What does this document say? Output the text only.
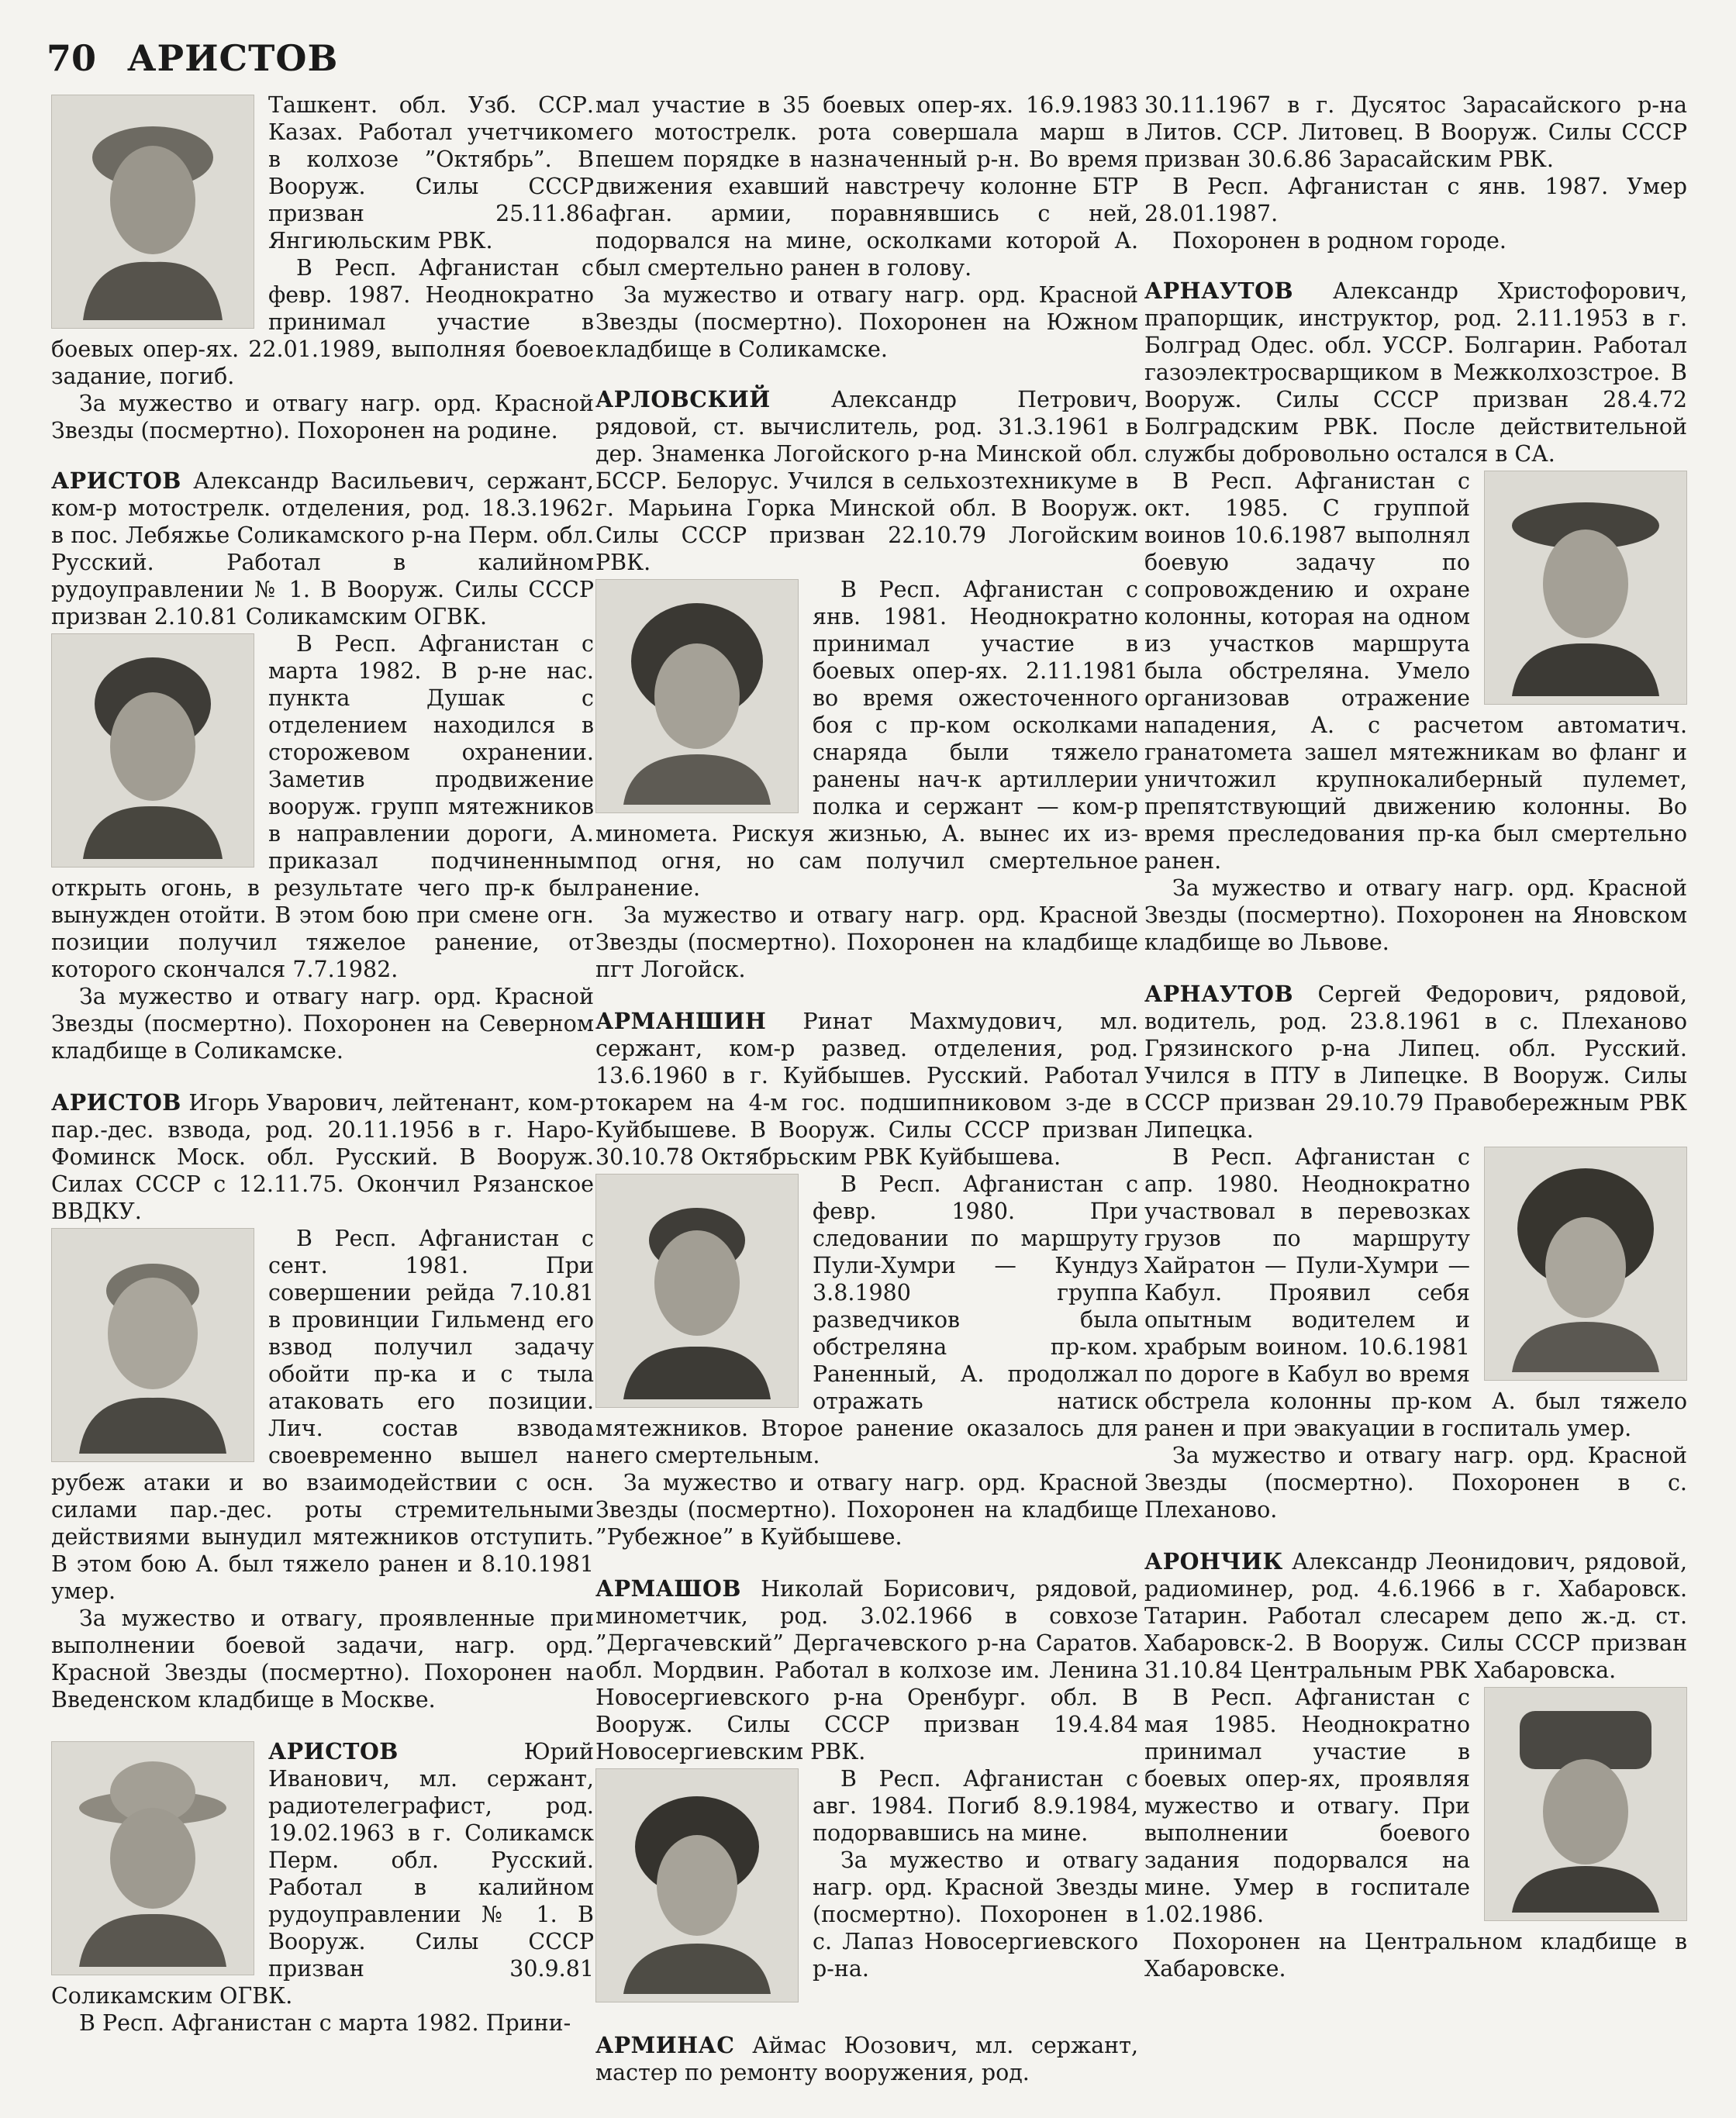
70 АРИСТОВ

Ташкент. обл. Узб. ССР. Казах. Работал учетчиком в колхозе ”Октябрь”. В Вооруж. Силы СССР призван 25.11.86 Янгиюльским РВК.

В Респ. Афганистан с февр. 1987. Неоднократно принимал участие в боевых опер-ях. 22.01.1989, выполняя боевое задание, погиб.

За мужество и отвагу нагр. орд. Красной Звезды (посмертно). Похоронен на родине.

АРИСТОВ Александр Васильевич, сержант, ком-р мотострелк. отделения, род. 18.3.1962 в пос. Лебяжье Соликамского р-на Перм. обл. Русский. Работал в калийном рудоуправлении № 1. В Вооруж. Силы СССР призван 2.10.81 Соликамским ОГВК.

В Респ. Афганистан с марта 1982. В р-не нас. пункта Душак с отделением находился в сторожевом охранении. Заметив продвижение вооруж. групп мятежников в направлении дороги, А. приказал подчиненным открыть огонь, в результате чего пр-к был вынужден отойти. В этом бою при смене огн. позиции получил тяжелое ранение, от которого скончался 7.7.1982.

За мужество и отвагу нагр. орд. Красной Звезды (посмертно). Похоронен на Северном кладбище в Соликамске.

АРИСТОВ Игорь Уварович, лейтенант, ком-р пар.-дес. взвода, род. 20.11.1956 в г. Наро-Фоминск Моск. обл. Русский. В Вооруж. Силах СССР с 12.11.75. Окончил Рязанское ВВДКУ.

В Респ. Афганистан с сент. 1981. При совершении рейда 7.10.81 в провинции Гильменд его взвод получил задачу обойти пр-ка и с тыла атаковать его позиции. Лич. состав взвода своевременно вышел на рубеж атаки и во взаимодействии с осн. силами пар.-дес. роты стремительными действиями вынудил мятежников отступить. В этом бою А. был тяжело ранен и 8.10.1981 умер.

За мужество и отвагу, проявленные при выполнении боевой задачи, нагр. орд. Красной Звезды (посмертно). Похоронен на Введенском кладбище в Москве.

АРИСТОВ Юрий Иванович, мл. сержант, радиотелеграфист, род. 19.02.1963 в г. Соликамск Перм. обл. Русский. Работал в калийном рудоуправлении № 1. В Вооруж. Силы СССР призван 30.9.81 Соликамским ОГВК.

В Респ. Афганистан с марта 1982. Прини-

мал участие в 35 боевых опер-ях. 16.9.1983 его мотострелк. рота совершала марш в пешем порядке в назначенный р-н. Во время движения ехавший навстречу колонне БТР афган. армии, поравнявшись с ней, подорвался на мине, осколками которой А. был смертельно ранен в голову.

За мужество и отвагу нагр. орд. Красной Звезды (посмертно). Похоронен на Южном кладбище в Соликамске.

АРЛОВСКИЙ Александр Петрович, рядовой, ст. вычислитель, род. 31.3.1961 в дер. Знаменка Логойского р-на Минской обл. БССР. Белорус. Учился в сельхозтехникуме в г. Марьина Горка Минской обл. В Вооруж. Силы СССР призван 22.10.79 Логойским РВК.

В Респ. Афганистан с янв. 1981. Неоднократно принимал участие в боевых опер-ях. 2.11.1981 во время ожесточенного боя с пр-ком осколками снаряда были тяжело ранены нач-к артиллерии полка и сержант — ком-р миномета. Рискуя жизнью, А. вынес их из-под огня, но сам получил смертельное ранение.

За мужество и отвагу нагр. орд. Красной Звезды (посмертно). Похоронен на кладбище пгт Логойск.

АРМАНШИН Ринат Махмудович, мл. сержант, ком-р развед. отделения, род. 13.6.1960 в г. Куйбышев. Русский. Работал токарем на 4-м гос. подшипниковом з-де в Куйбышеве. В Вооруж. Силы СССР призван 30.10.78 Октябрьским РВК Куйбышева.

В Респ. Афганистан с февр. 1980. При следовании по маршруту Пули-Хумри — Кундуз 3.8.1980 группа разведчиков была обстреляна пр-ком. Раненный, А. продолжал отражать натиск мятежников. Второе ранение оказалось для него смертельным.

За мужество и отвагу нагр. орд. Красной Звезды (посмертно). Похоронен на кладбище ”Рубежное” в Куйбышеве.

АРМАШОВ Николай Борисович, рядовой, минометчик, род. 3.02.1966 в совхозе ”Дергачевский” Дергачевского р-на Саратов. обл. Мордвин. Работал в колхозе им. Ленина Новосергиевского р-на Оренбург. обл. В Вооруж. Силы СССР призван 19.4.84 Новосергиевским РВК.

В Респ. Афганистан с авг. 1984. Погиб 8.9.1984, подорвавшись на мине.

За мужество и отвагу нагр. орд. Красной Звезды (посмертно). Похоронен в с. Лапаз Новосергиевского р-на.

АРМИНАС Аймас Юозович, мл. сержант, мастер по ремонту вооружения, род.

30.11.1967 в г. Дусятос Зарасайского р-на Литов. ССР. Литовец. В Вооруж. Силы СССР призван 30.6.86 Зарасайским РВК.

В Респ. Афганистан с янв. 1987. Умер 28.01.1987.

Похоронен в родном городе.

АРНАУТОВ Александр Христофорович, прапорщик, инструктор, род. 2.11.1953 в г. Болград Одес. обл. УССР. Болгарин. Работал газоэлектросварщиком в Межколхозстрое. В Вооруж. Силы СССР призван 28.4.72 Болградским РВК. После действительной службы добровольно остался в СА.

В Респ. Афганистан с окт. 1985. С группой воинов 10.6.1987 выполнял боевую задачу по сопровождению и охране колонны, которая на одном из участков маршрута была обстреляна. Умело организовав отражение нападения, А. с расчетом автоматич. гранатомета зашел мятежникам во фланг и уничтожил крупнокалиберный пулемет, препятствующий движению колонны. Во время преследования пр-ка был смертельно ранен.

За мужество и отвагу нагр. орд. Красной Звезды (посмертно). Похоронен на Яновском кладбище во Львове.

АРНАУТОВ Сергей Федорович, рядовой, водитель, род. 23.8.1961 в с. Плеханово Грязинского р-на Липец. обл. Русский. Учился в ПТУ в Липецке. В Вооруж. Силы СССР призван 29.10.79 Правобережным РВК Липецка.

В Респ. Афганистан с апр. 1980. Неоднократно участвовал в перевозках грузов по маршруту Хайратон — Пули-Хумри — Кабул. Проявил себя опытным водителем и храбрым воином. 10.6.1981 по дороге в Кабул во время обстрела колонны пр-ком А. был тяжело ранен и при эвакуации в госпиталь умер.

За мужество и отвагу нагр. орд. Красной Звезды (посмертно). Похоронен в с. Плеханово.

АРОНЧИК Александр Леонидович, рядовой, радиоминер, род. 4.6.1966 в г. Хабаровск. Татарин. Работал слесарем депо ж.-д. ст. Хабаровск-2. В Вооруж. Силы СССР призван 31.10.84 Центральным РВК Хабаровска.

В Респ. Афганистан с мая 1985. Неоднократно принимал участие в боевых опер-ях, проявляя мужество и отвагу. При выполнении боевого задания подорвался на мине. Умер в госпитале 1.02.1986.

Похоронен на Центральном кладбище в Хабаровске.
